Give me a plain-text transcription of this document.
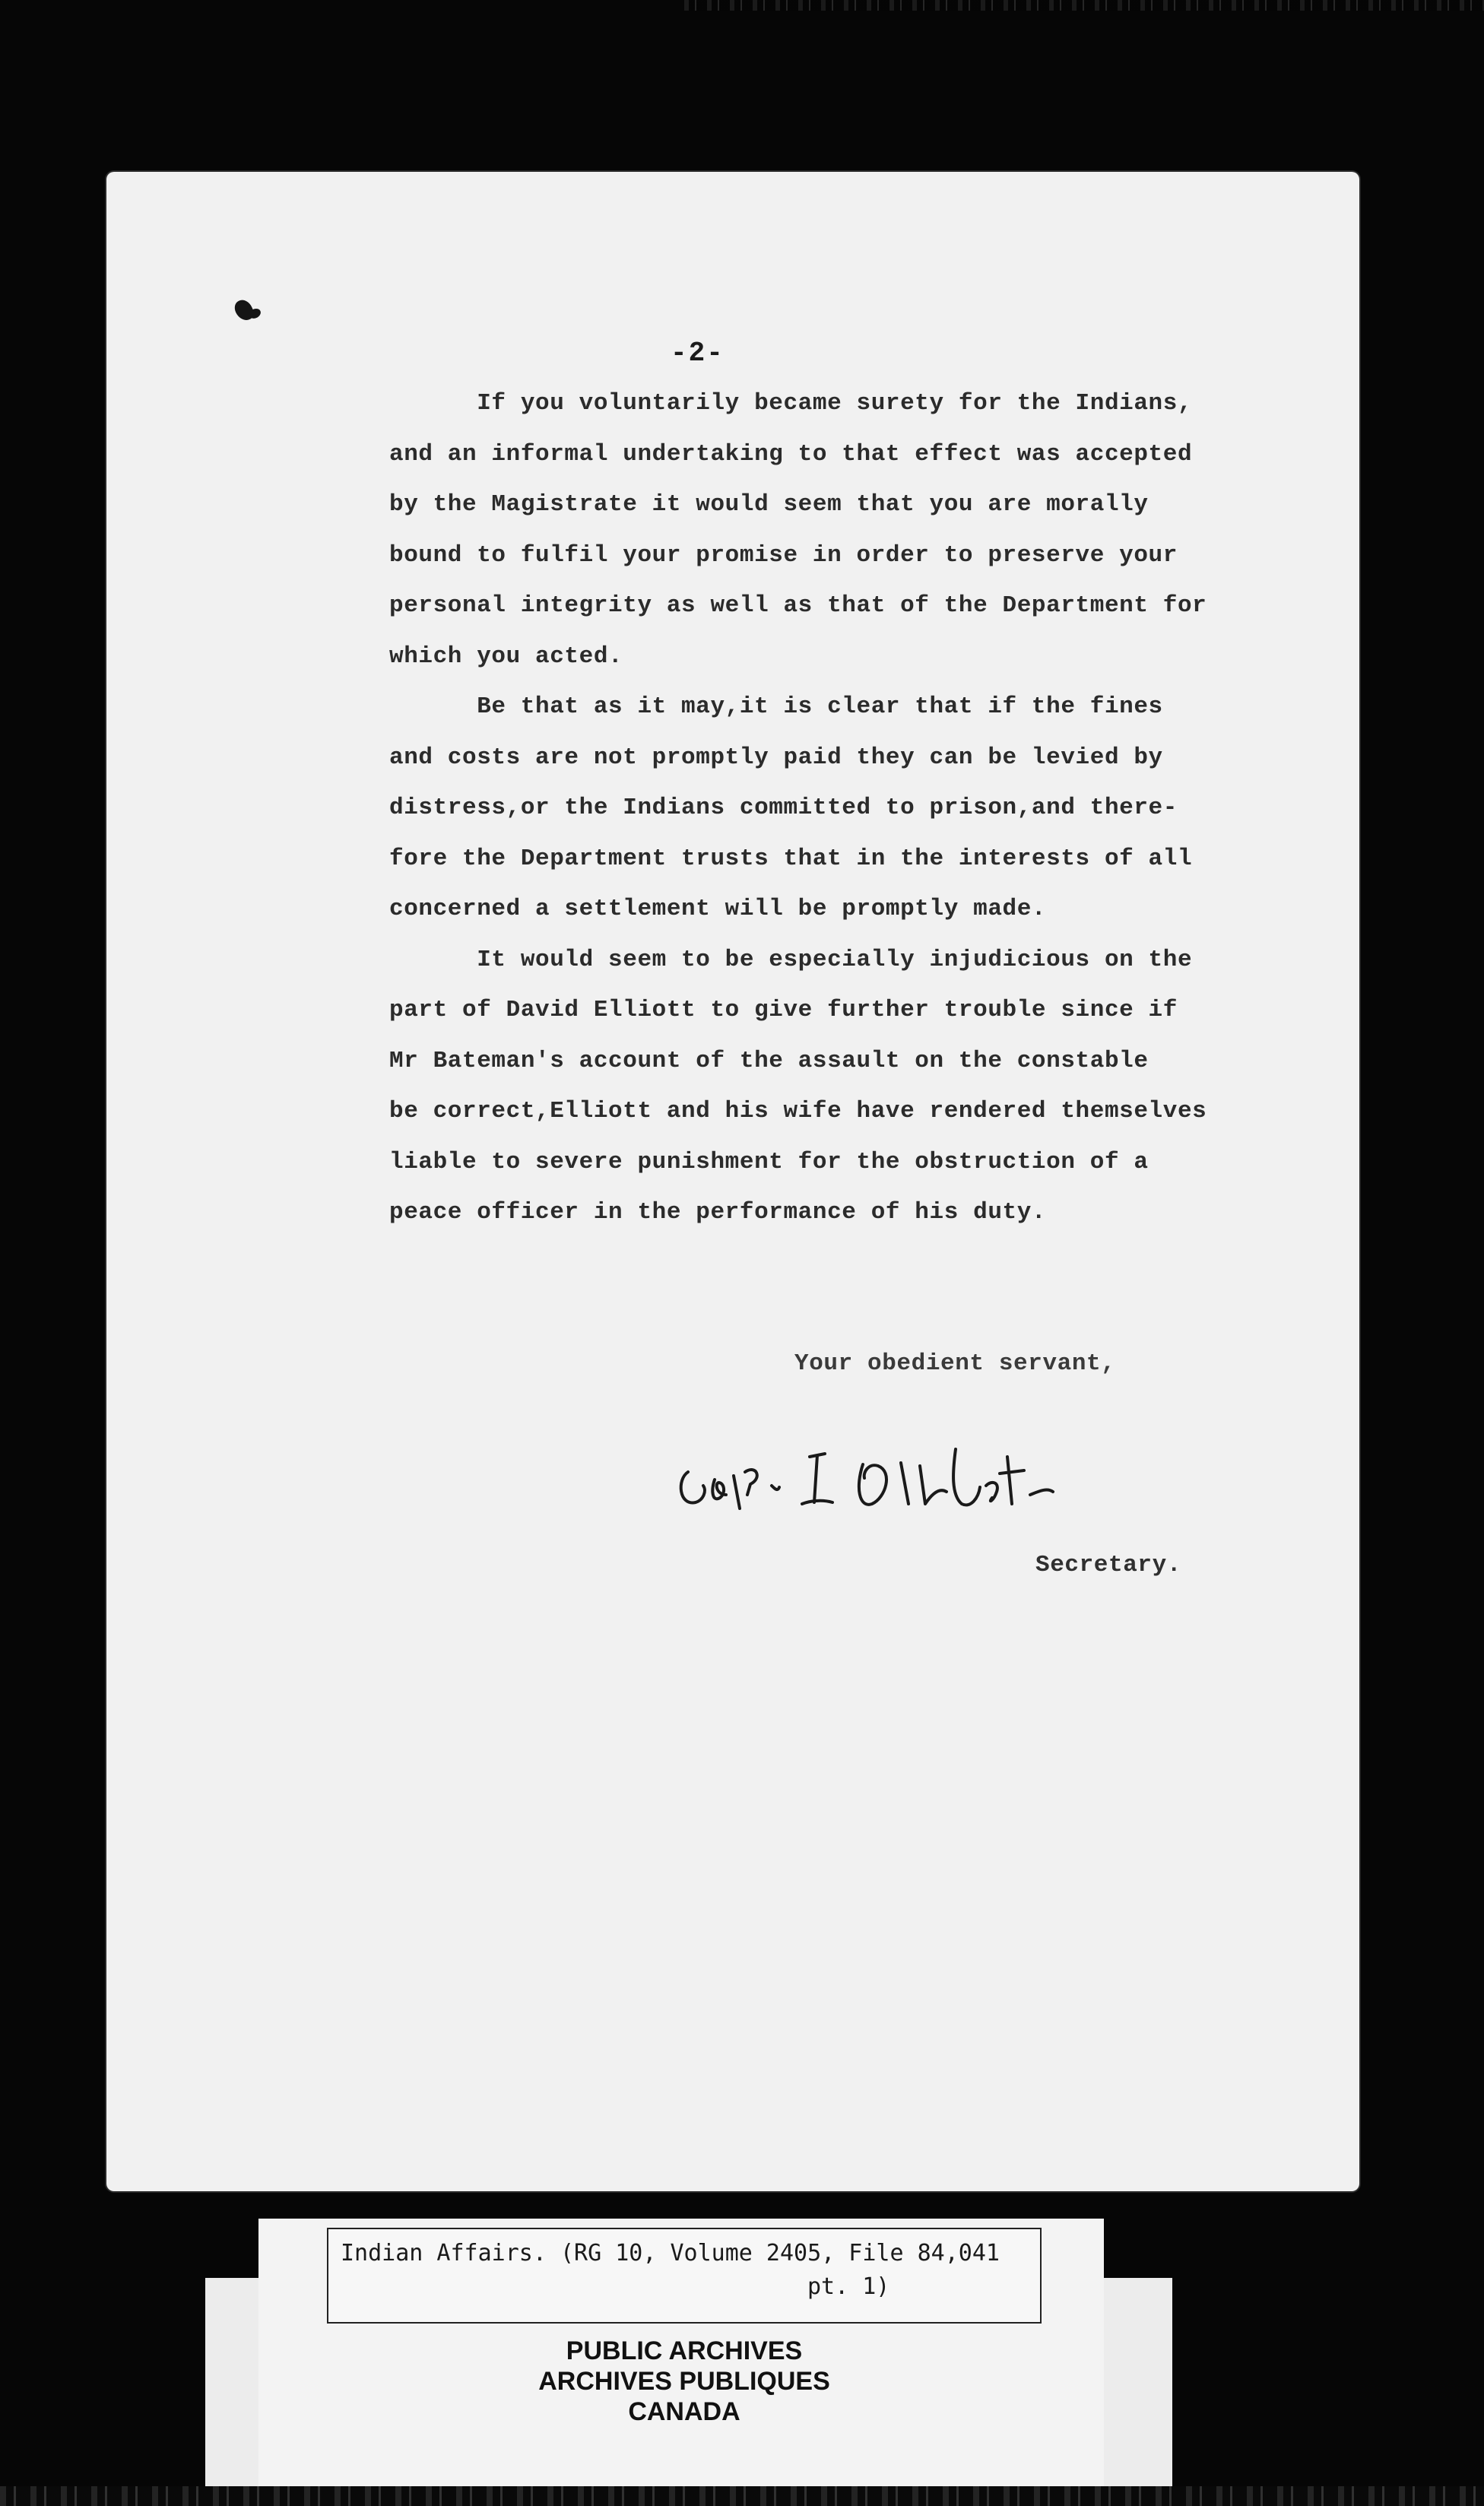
-2-

If you voluntarily became surety for the Indians,
and an informal undertaking to that effect was accepted
by the Magistrate it would seem that you are morally
bound to fulfil your promise in order to preserve your
personal integrity as well as that of the Department for
which you acted.

Be that as it may,it is clear that if the fines
and costs are not promptly paid they can be levied by
distress,or the Indians committed to prison,and there-
fore the Department trusts that in the interests of all
concerned a settlement will be promptly made.

It would seem to be especially injudicious on the
part of David Elliott to give further trouble since if
Mr Bateman's account of the assault on the constable
be correct,Elliott and his wife have rendered themselves
liable to severe punishment for the obstruction of a
peace officer in the performance of his duty.

Your obedient servant,
Secretary.
Indian Affairs. (RG 10, Volume 2405, File 84,041
pt. 1)
PUBLIC ARCHIVES
ARCHIVES PUBLIQUES
CANADA
